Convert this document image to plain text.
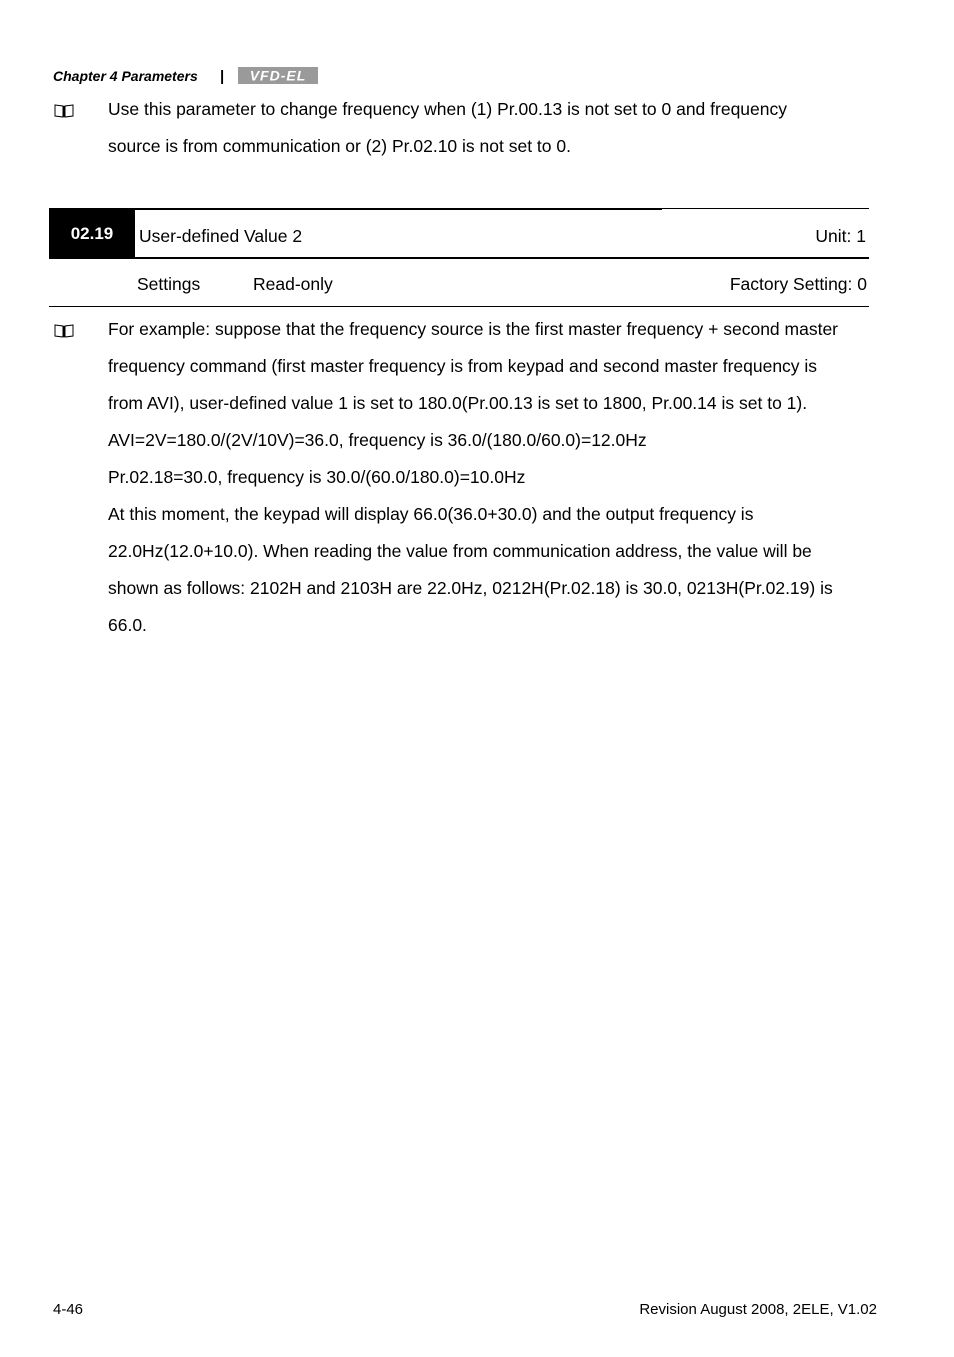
Chapter 4 Parameters | VFD-EL
Use this parameter to change frequency when (1) Pr.00.13 is not set to 0 and frequency
source is from communication or (2) Pr.02.10 is not set to 0.
02.19	User-defined Value 2	Unit: 1
Settings	Read-only	Factory Setting: 0
For example: suppose that the frequency source is the first master frequency + second master
frequency command (first master frequency is from keypad and second master frequency is
from AVI), user-defined value 1 is set to 180.0(Pr.00.13 is set to 1800, Pr.00.14 is set to 1).
AVI=2V=180.0/(2V/10V)=36.0, frequency is 36.0/(180.0/60.0)=12.0Hz
Pr.02.18=30.0, frequency is 30.0/(60.0/180.0)=10.0Hz
At this moment, the keypad will display 66.0(36.0+30.0) and the output frequency is
22.0Hz(12.0+10.0). When reading the value from communication address, the value will be
shown as follows: 2102H and 2103H are 22.0Hz, 0212H(Pr.02.18) is 30.0, 0213H(Pr.02.19) is
66.0.
4-46	Revision August 2008, 2ELE, V1.02
